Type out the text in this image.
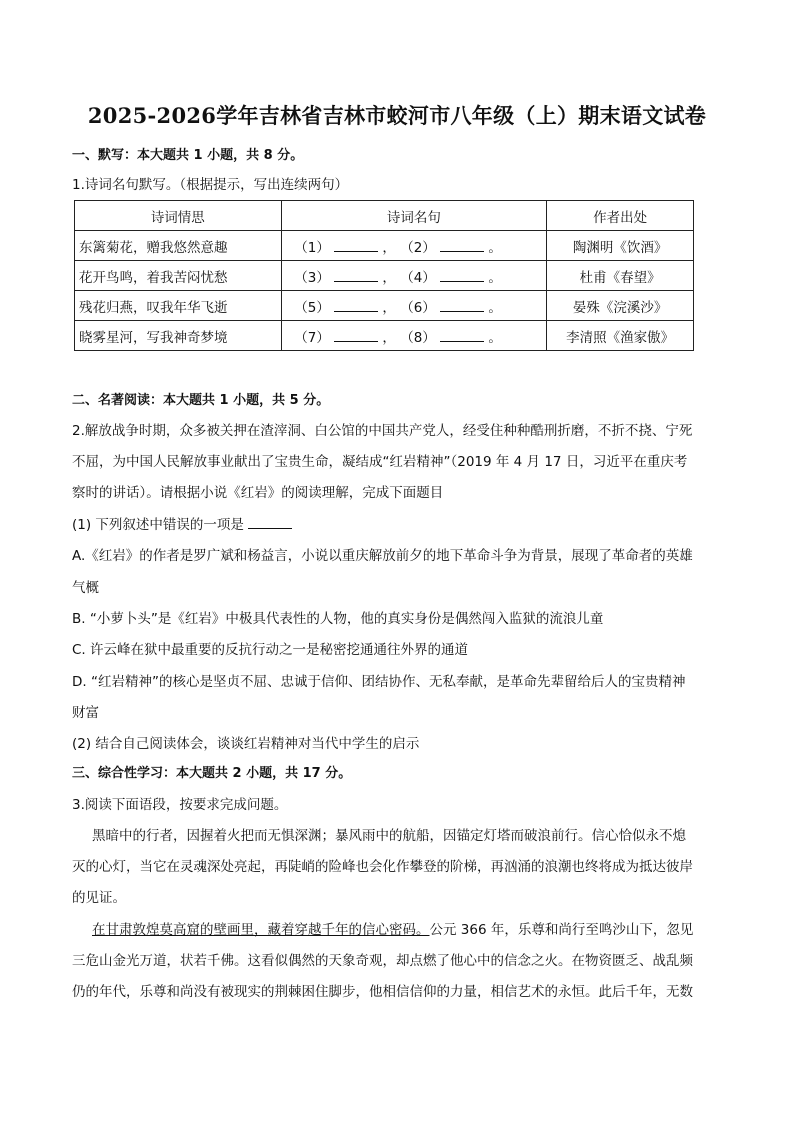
2025-2026学年吉林省吉林市蛟河市八年级（上）期末语文试卷
一、默写：本大题共 1 小题，共 8 分。
1.诗词名句默写。（根据提示，写出连续两句）
诗词情思	诗词名句	作者出处
东篱菊花，赠我悠然意趣	（1） ， （2） 。	陶渊明《饮酒》
花开鸟鸣，着我苦闷忧愁	（3） ， （4） 。	杜甫《春望》
残花归燕，叹我年华飞逝	（5） ， （6） 。	晏殊《浣溪沙》
晓雾星河，写我神奇梦境	（7） ， （8） 。	李清照《渔家傲》
二、名著阅读：本大题共 1 小题，共 5 分。
2.解放战争时期，众多被关押在渣滓洞、白公馆的中国共产党人，经受住种种酷刑折磨，不折不挠、宁死
不屈，为中国人民解放事业献出了宝贵生命，凝结成“红岩精神”（2019 年 4 月 17 日，习近平在重庆考
察时的讲话）。请根据小说《红岩》的阅读理解，完成下面题目
(1) 下列叙述中错误的一项是
A.《红岩》的作者是罗广斌和杨益言，小说以重庆解放前夕的地下革命斗争为背景，展现了革命者的英雄
气概
B. “小萝卜头”是《红岩》中极具代表性的人物，他的真实身份是偶然闯入监狱的流浪儿童
C. 许云峰在狱中最重要的反抗行动之一是秘密挖通通往外界的通道
D. “红岩精神”的核心是坚贞不屈、忠诚于信仰、团结协作、无私奉献，是革命先辈留给后人的宝贵精神
财富
(2) 结合自己阅读体会，谈谈红岩精神对当代中学生的启示
三、综合性学习：本大题共 2 小题，共 17 分。
3.阅读下面语段，按要求完成问题。
黑暗中的行者，因握着火把而无惧深渊；暴风雨中的航船，因锚定灯塔而破浪前行。信心恰似永不熄
灭的心灯，当它在灵魂深处亮起，再陡峭的险峰也会化作攀登的阶梯，再汹涌的浪潮也终将成为抵达彼岸
的见证。
在甘肃敦煌莫高窟的壁画里，藏着穿越千年的信心密码。公元 366 年，乐尊和尚行至鸣沙山下，忽见
三危山金光万道，状若千佛。这看似偶然的天象奇观，却点燃了他心中的信念之火。在物资匮乏、战乱频
仍的年代，乐尊和尚没有被现实的荆棘困住脚步，他相信信仰的力量，相信艺术的永恒。此后千年，无数
